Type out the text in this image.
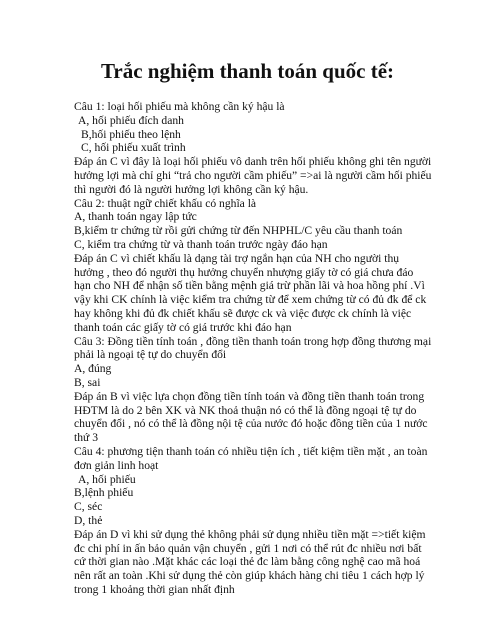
Trắc nghiệm thanh toán quốc tế:
Câu 1: loại hối phiếu mà không cần ký hậu là
A, hối phiếu đích danh
B,hối phiếu theo lệnh
C, hối phiếu xuất trình
Đáp án C vì đây là loại hối phiếu vô danh trên hối phiếu không ghi tên người
hưởng lợi mà chỉ ghi “trả cho người cầm phiếu” =>ai là người cầm hối phiếu
thì người đó là người hưởng lợi không cần ký hậu.
Câu 2: thuật ngữ chiết khấu có nghĩa là
A, thanh toán ngay lập tức
B,kiểm tr chứng từ rồi gửi chứng từ đến NHPHL/C yêu cầu thanh toán
C, kiểm tra chứng từ và thanh toán trước ngày đáo hạn
Đáp án C vì chiết khấu là dạng tài trợ ngắn hạn của NH cho người thụ
hưởng , theo đó người thụ hưởng chuyển nhượng giấy tờ có giá chưa đáo
hạn cho NH để nhận số tiền bằng mệnh giá trừ phần lãi và hoa hồng phí .Vì
vậy khi CK chính là việc kiểm tra chứng từ để xem chứng từ có đủ đk để ck
hay không khi đủ đk chiết khấu sẽ được ck và việc được ck chính là việc
thanh toán các giấy tờ có giá trước khi đáo hạn
Câu 3: Đồng tiền tính toán , đồng tiền thanh toán trong hợp đồng thương mại
phải là ngoại tệ tự do chuyển đổi
A, đúng
B, sai
Đáp án B vì việc lựa chọn đồng tiền tính toán và đồng tiền thanh toán trong
HĐTM là do 2 bên XK và NK thoả thuận nó có thể là đồng ngoại tệ tự do
chuyển đổi , nó có thể là đồng nội tệ của nước đó hoặc đồng tiền của 1 nước
thứ 3
Câu 4: phương tiện thanh toán có nhiều tiện ích , tiết kiệm tiền mặt , an toàn
đơn giản linh hoạt
A, hối phiếu
B,lệnh phiếu
C, séc
D, thẻ
Đáp án D vì khi sử dụng thẻ không phải sử dụng nhiều tiền mặt =>tiết kiệm
đc chi phí in ấn bảo quản vận chuyển , gửi 1 nơi có thể rút đc nhiều nơi bất
cứ thời gian nào .Mặt khác các loại thẻ đc làm bằng công nghệ cao mã hoá
nên rất an toàn .Khi sử dụng thẻ còn giúp khách hàng chi tiêu 1 cách hợp lý
trong 1 khoảng thời gian nhất định
